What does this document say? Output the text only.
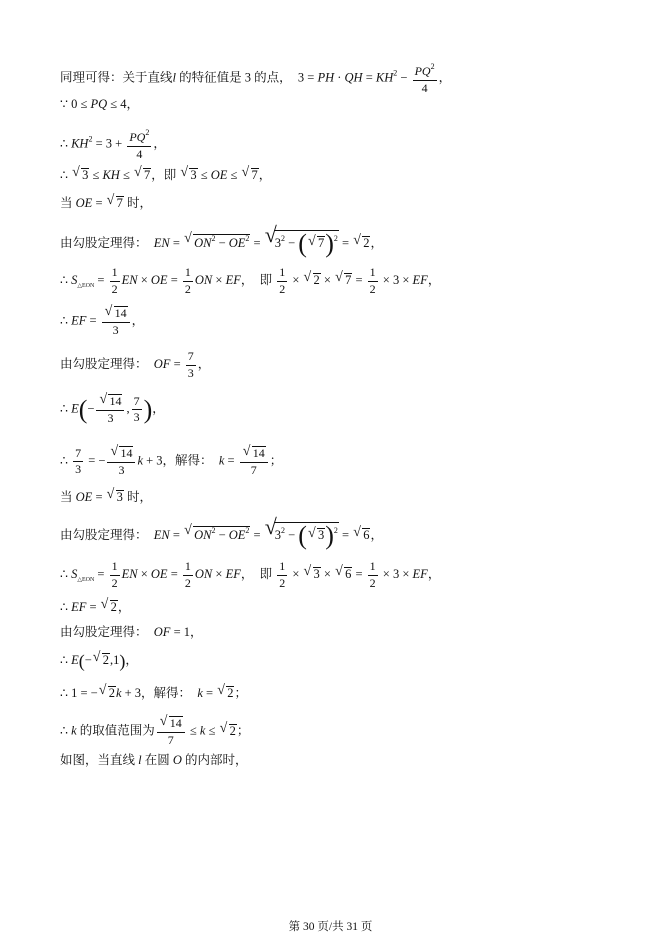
同理可得：关于直线l 的特征值是 3 的点，  3 = PH · QH = $KH^2 - \frac{PQ^2}{4}$ ，
∵ 0 ≤ PQ ≤ 4，
∴ $KH^2 = 3 + \frac{PQ^2}{4}$ ，
∴ √ 3 ≤ KH ≤ √ 7，即 √ 3 ≤ OE ≤ √ 7，
当 OE = √ 7 时，
由勾股定理得：  EN = √ $ON^2 - OE^2$ = √ $3^2$ − ( √ 7)$^2$ = √ 2，
∴ $S_{\triangle EON} = \frac{1}{2}$ EN × OE = $\frac{1}{2}$ ON × EF，  即 $\frac{1}{2}$ × √ 2 × √ $7 = \frac{1}{2} \times 3$ × EF，
∴ EF = √ $\frac{14}{3}$ ，
由勾股定理得：  OF = $\frac{7}{3}$ ，
∴ E(− √ $\frac{14}{3}$ , $\frac{7}{3}$ )，
∴ $\frac{7}{3}$ = − √ $\frac{14}{3}$ k + 3，解得：  k = √ $\frac{14}{7}$ ；
当 OE = √ 3 时，
由勾股定理得：  EN = √ $ON^2 - OE^2$ = √ $3^2$ − ( √ 3)$^2$ = √ 6，
∴ $S_{\triangle EON} = \frac{1}{2}$ EN × OE = $\frac{1}{2}$ ON × EF，  即 $\frac{1}{2}$ × √ 3 × √ $6 = \frac{1}{2} \times 3$ × EF，
∴ EF = √ 2，
由勾股定理得：  OF = 1，
∴ E(− √ 2,1)，
∴ 1 = − √ 2k + 3，解得：  k = √ 2；
∴ k 的取值范围为 √ $\frac{14}{7} \le k$ ≤ √ 2；
如图，当直线 l 在圆 O 的内部时，
第 30 页/共 31 页
